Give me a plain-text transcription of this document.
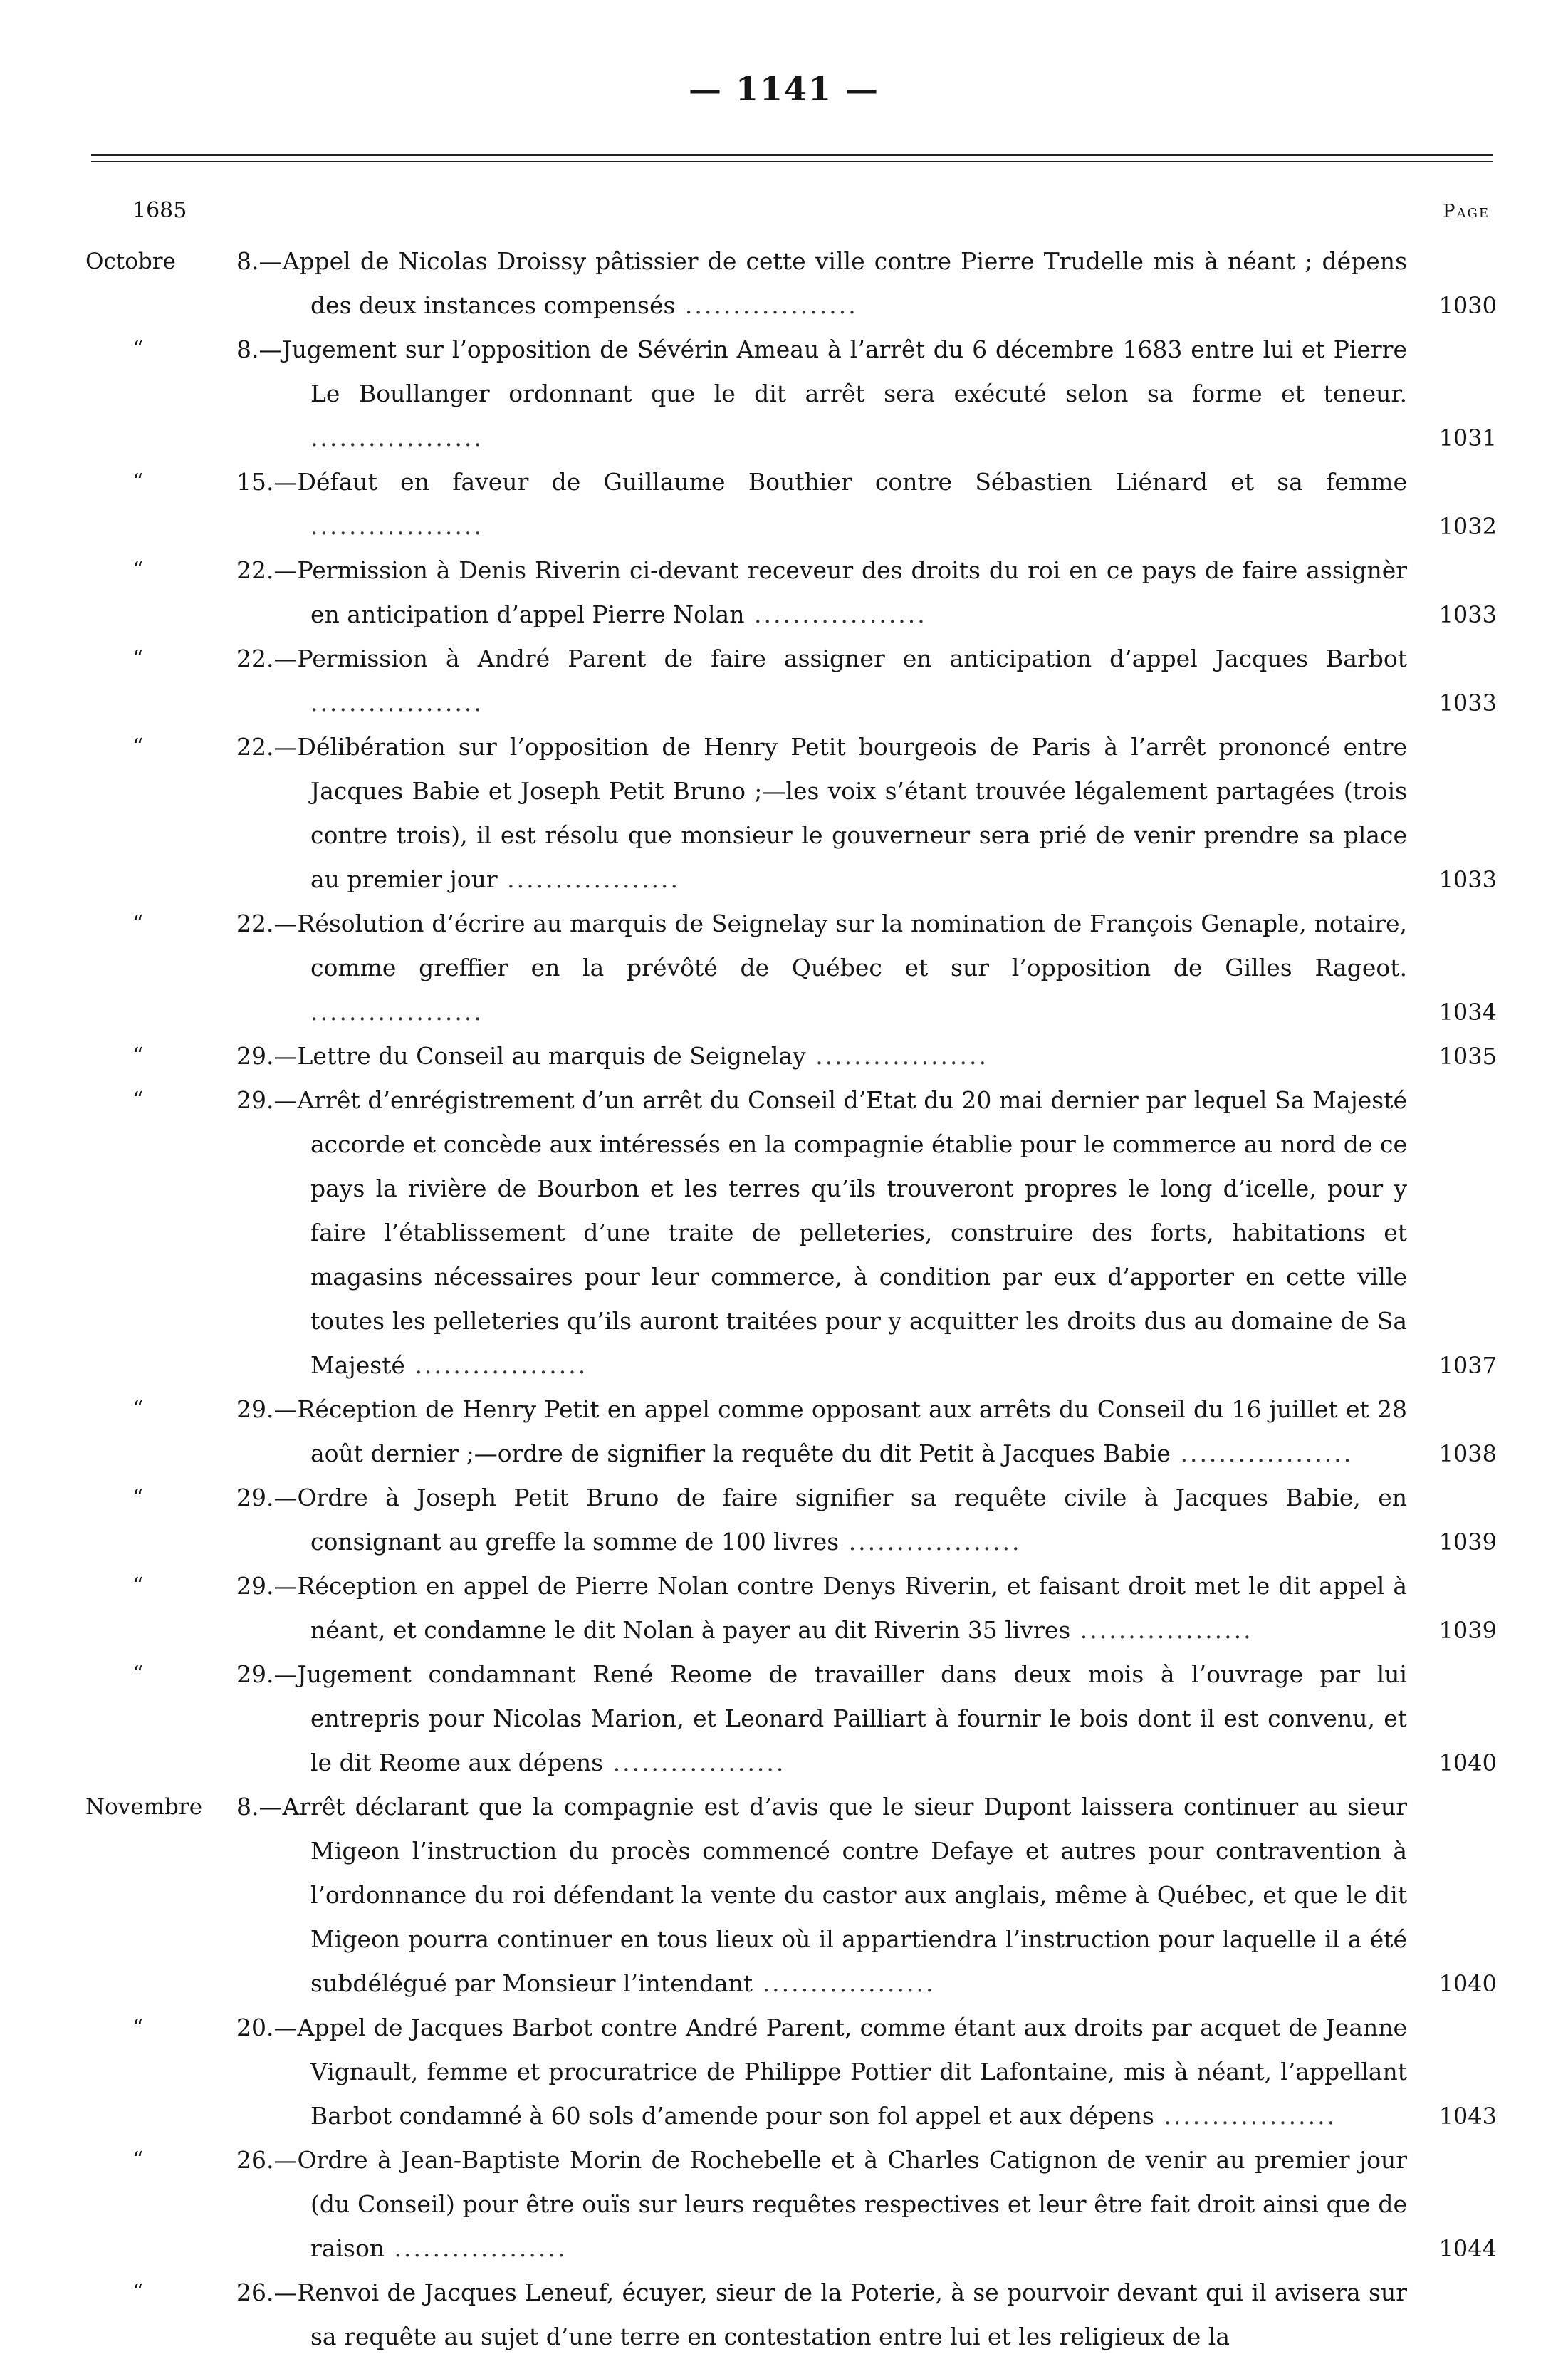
— 1141 —
1685	Page
Octobre	8.—Appel de Nicolas Droissy pâtissier de cette ville contre Pierre Trudelle mis à néant ; dépens des deux instances compensés ..................	1030
“	8.—Jugement sur l’opposition de Sévérin Ameau à l’arrêt du 6 décembre 1683 entre lui et Pierre Le Boullanger ordonnant que le dit arrêt sera exécuté selon sa forme et teneur. ..................	1031
“	15.—Défaut en faveur de Guillaume Bouthier contre Sébastien Liénard et sa femme ..................	1032
“	22.—Permission à Denis Riverin ci-devant receveur des droits du roi en ce pays de faire assignèr en anticipation d’appel Pierre Nolan ..................	1033
“	22.—Permission à André Parent de faire assigner en anticipation d’appel Jacques Barbot ..................	1033
“	22.—Délibération sur l’opposition de Henry Petit bourgeois de Paris à l’arrêt prononcé entre Jacques Babie et Joseph Petit Bruno ;—les voix s’étant trouvée légalement partagées (trois contre trois), il est résolu que monsieur le gouverneur sera prié de venir prendre sa place au premier jour ..................	1033
“	22.—Résolution d’écrire au marquis de Seignelay sur la nomination de François Genaple, notaire, comme greffier en la prévôté de Québec et sur l’opposition de Gilles Rageot. ..................	1034
“	29.—Lettre du Conseil au marquis de Seignelay ..................	1035
“	29.—Arrêt d’enrégistrement d’un arrêt du Conseil d’Etat du 20 mai dernier par lequel Sa Majesté accorde et concède aux intéressés en la compagnie établie pour le commerce au nord de ce pays la rivière de Bourbon et les terres qu’ils trouveront propres le long d’icelle, pour y faire l’établissement d’une traite de pelleteries, construire des forts, habitations et magasins nécessaires pour leur commerce, à condition par eux d’apporter en cette ville toutes les pelleteries qu’ils auront traitées pour y acquitter les droits dus au domaine de Sa Majesté ..................	1037
“	29.—Réception de Henry Petit en appel comme opposant aux arrêts du Conseil du 16 juillet et 28 août dernier ;—ordre de signifier la requête du dit Petit à Jacques Babie ..................	1038
“	29.—Ordre à Joseph Petit Bruno de faire signifier sa requête civile à Jacques Babie, en consignant au greffe la somme de 100 livres ..................	1039
“	29.—Réception en appel de Pierre Nolan contre Denys Riverin, et faisant droit met le dit appel à néant, et condamne le dit Nolan à payer au dit Riverin 35 livres ..................	1039
“	29.—Jugement condamnant René Reome de travailler dans deux mois à l’ouvrage par lui entrepris pour Nicolas Marion, et Leonard Pailliart à fournir le bois dont il est convenu, et le dit Reome aux dépens ..................	1040
Novembre 8.—Arrêt déclarant que la compagnie est d’avis que le sieur Dupont laissera continuer au sieur Migeon l’instruction du procès commencé contre Defaye et autres pour contravention à l’ordonnance du roi défendant la vente du castor aux anglais, même à Québec, et que le dit Migeon pourra continuer en tous lieux où il appartiendra l’instruction pour laquelle il a été subdélégué par Monsieur l’intendant ..................	1040
“	20.—Appel de Jacques Barbot contre André Parent, comme étant aux droits par acquet de Jeanne Vignault, femme et procuratrice de Philippe Pottier dit Lafontaine, mis à néant, l’appellant Barbot condamné à 60 sols d’amende pour son fol appel et aux dépens ..................	1043
“	26.—Ordre à Jean-Baptiste Morin de Rochebelle et à Charles Catignon de venir au premier jour (du Conseil) pour être ouïs sur leurs requêtes respectives et leur être fait droit ainsi que de raison ..................	1044
“	26.—Renvoi de Jacques Leneuf, écuyer, sieur de la Poterie, à se pourvoir devant qui il avisera sur sa requête au sujet d’une terre en contestation entre lui et les religieux de la
